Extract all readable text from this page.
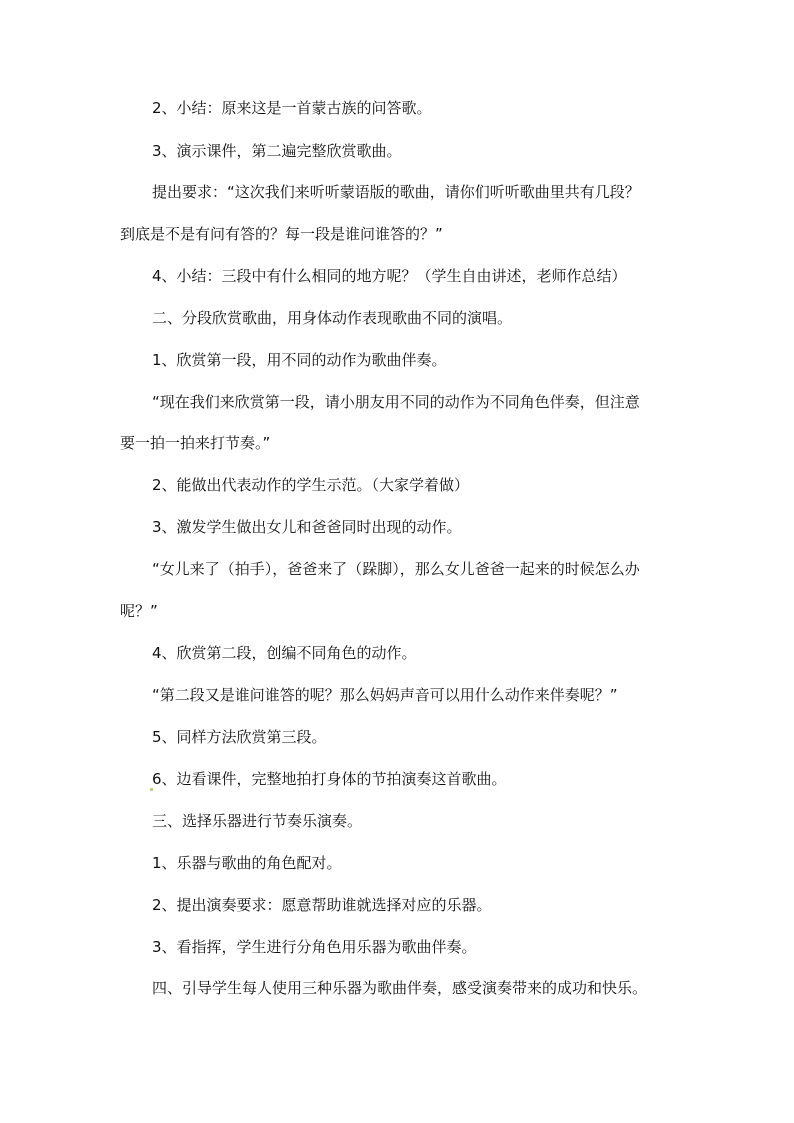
2、小结：原来这是一首蒙古族的问答歌。
3、演示课件，第二遍完整欣赏歌曲。
提出要求：“这次我们来听听蒙语版的歌曲，请你们听听歌曲里共有几段？
到底是不是有问有答的？每一段是谁问谁答的？”
4、小结：三段中有什么相同的地方呢？（学生自由讲述，老师作总结）
二、分段欣赏歌曲，用身体动作表现歌曲不同的演唱。
1、欣赏第一段，用不同的动作为歌曲伴奏。
“现在我们来欣赏第一段，请小朋友用不同的动作为不同角色伴奏，但注意
要一拍一拍来打节奏。”
2、能做出代表动作的学生示范。（大家学着做）
3、激发学生做出女儿和爸爸同时出现的动作。
“女儿来了（拍手），爸爸来了（跺脚），那么女儿爸爸一起来的时候怎么办
呢？”
4、欣赏第二段，创编不同角色的动作。
“第二段又是谁问谁答的呢？那么妈妈声音可以用什么动作来伴奏呢？”
5、同样方法欣赏第三段。
6、边看课件，完整地拍打身体的节拍演奏这首歌曲。
三、选择乐器进行节奏乐演奏。
1、乐器与歌曲的角色配对。
2、提出演奏要求：愿意帮助谁就选择对应的乐器。
3、看指挥，学生进行分角色用乐器为歌曲伴奏。
四、引导学生每人使用三种乐器为歌曲伴奏，感受演奏带来的成功和快乐。
